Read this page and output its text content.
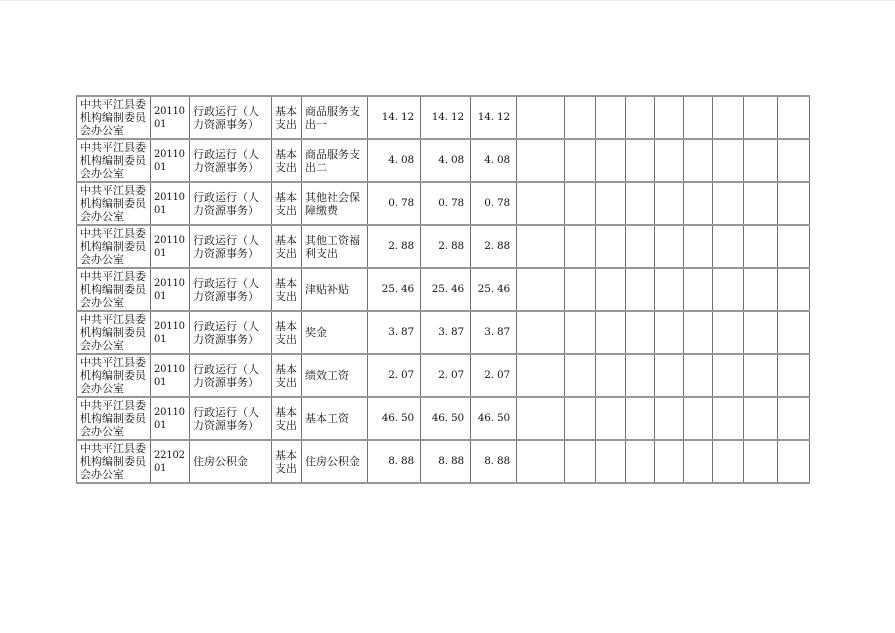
中共平江县委机构编制委员会办公室	20110 01	行政运行（人力资源事务）	基本支出	商品服务支出一	14. 12	14. 12	14. 12									
中共平江县委机构编制委员会办公室	20110 01	行政运行（人力资源事务）	基本支出	商品服务支出二	4. 08	4. 08	4. 08									
中共平江县委机构编制委员会办公室	20110 01	行政运行（人力资源事务）	基本支出	其他社会保障缴费	0. 78	0. 78	0. 78									
中共平江县委机构编制委员会办公室	20110 01	行政运行（人力资源事务）	基本支出	其他工资福利支出	2. 88	2. 88	2. 88									
中共平江县委机构编制委员会办公室	20110 01	行政运行（人力资源事务）	基本支出	津贴补贴	25. 46	25. 46	25. 46									
中共平江县委机构编制委员会办公室	20110 01	行政运行（人力资源事务）	基本支出	奖金	3. 87	3. 87	3. 87									
中共平江县委机构编制委员会办公室	20110 01	行政运行（人力资源事务）	基本支出	绩效工资	2. 07	2. 07	2. 07									
中共平江县委机构编制委员会办公室	20110 01	行政运行（人力资源事务）	基本支出	基本工资	46. 50	46. 50	46. 50									
中共平江县委机构编制委员会办公室	22102 01	住房公积金	基本支出	住房公积金	8. 88	8. 88	8. 88									
